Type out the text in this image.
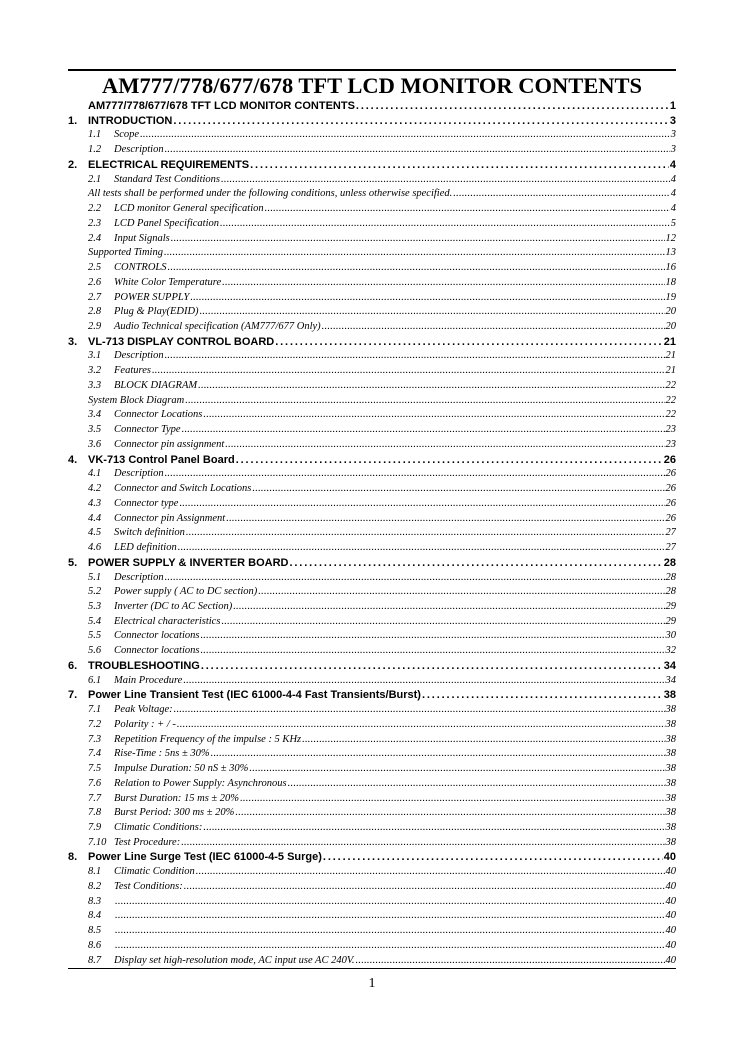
AM777/778/677/678 TFT LCD MONITOR CONTENTS
AM777/778/677/678 TFT LCD MONITOR CONTENTS . . .	1
1. INTRODUCTION . . .	3
1.1	Scope . . .	3
1.2	Description . . .	3
2. ELECTRICAL REQUIREMENTS . . .	4
2.1	Standard Test Conditions . . .	4
All tests shall be performed under the following conditions, unless otherwise specified. . . .	4
2.2	LCD monitor General specification . . .	4
2.3	LCD Panel Specification . . .	5
2.4	Input Signals . . .	12
Supported Timing . . .	13
2.5	CONTROLS . . .	16
2.6	White Color Temperature . . .	18
2.7	POWER SUPPLY . . .	19
2.8	Plug & Play(EDID) . . .	20
2.9	Audio Technical specification (AM777/677 Only) . . .	20
3. VL-713 DISPLAY CONTROL BOARD . . .	21
3.1	Description . . .	21
3.2	Features . . .	21
3.3	BLOCK DIAGRAM . . .	22
System Block Diagram . . .	22
3.4	Connector Locations . . .	22
3.5	Connector Type . . .	23
3.6	Connector pin assignment . . .	23
4. VK-713 Control Panel Board . . .	26
4.1	Description . . .	26
4.2	Connector and Switch Locations . . .	26
4.3	Connector type . . .	26
4.4	Connector pin Assignment . . .	26
4.5	Switch definition . . .	27
4.6	LED definition . . .	27
5. POWER SUPPLY & INVERTER BOARD . . .	28
5.1	Description . . .	28
5.2	Power supply ( AC to DC section) . . .	28
5.3	Inverter (DC to AC Section) . . .	29
5.4	Electrical characteristics . . .	29
5.5	Connector locations . . .	30
5.6	Connector locations . . .	32
6. TROUBLESHOOTING . . .	34
6.1	Main Procedure . . .	34
7. Power Line Transient Test (IEC 61000-4-4 Fast Transients/Burst) . . .	38
7.1	Peak Voltage: . . .	38
7.2	Polarity : + / - . . .	38
7.3	Repetition Frequency of the impulse : 5 KHz . . .	38
7.4	Rise-Time : 5ns ± 30% . . .	38
7.5	Impulse Duration: 50 nS ± 30% . . .	38
7.6	Relation to Power Supply: Asynchronous . . .	38
7.7	Burst Duration: 15 ms ± 20% . . .	38
7.8	Burst Period: 300 ms ± 20% . . .	38
7.9	Climatic Conditions: . . .	38
7.10 Test Procedure: . . .	38
8. Power Line Surge Test (IEC 61000-4-5 Surge) . . .	40
8.1	Climatic Condition . . .	40
8.2	Test Conditions: . . .	40
8.3 . . .	40
8.4 . . .	40
8.5 . . .	40
8.6 . . .	40
8.7	Display set high-resolution mode, AC input use AC 240V. . . .	40
1
